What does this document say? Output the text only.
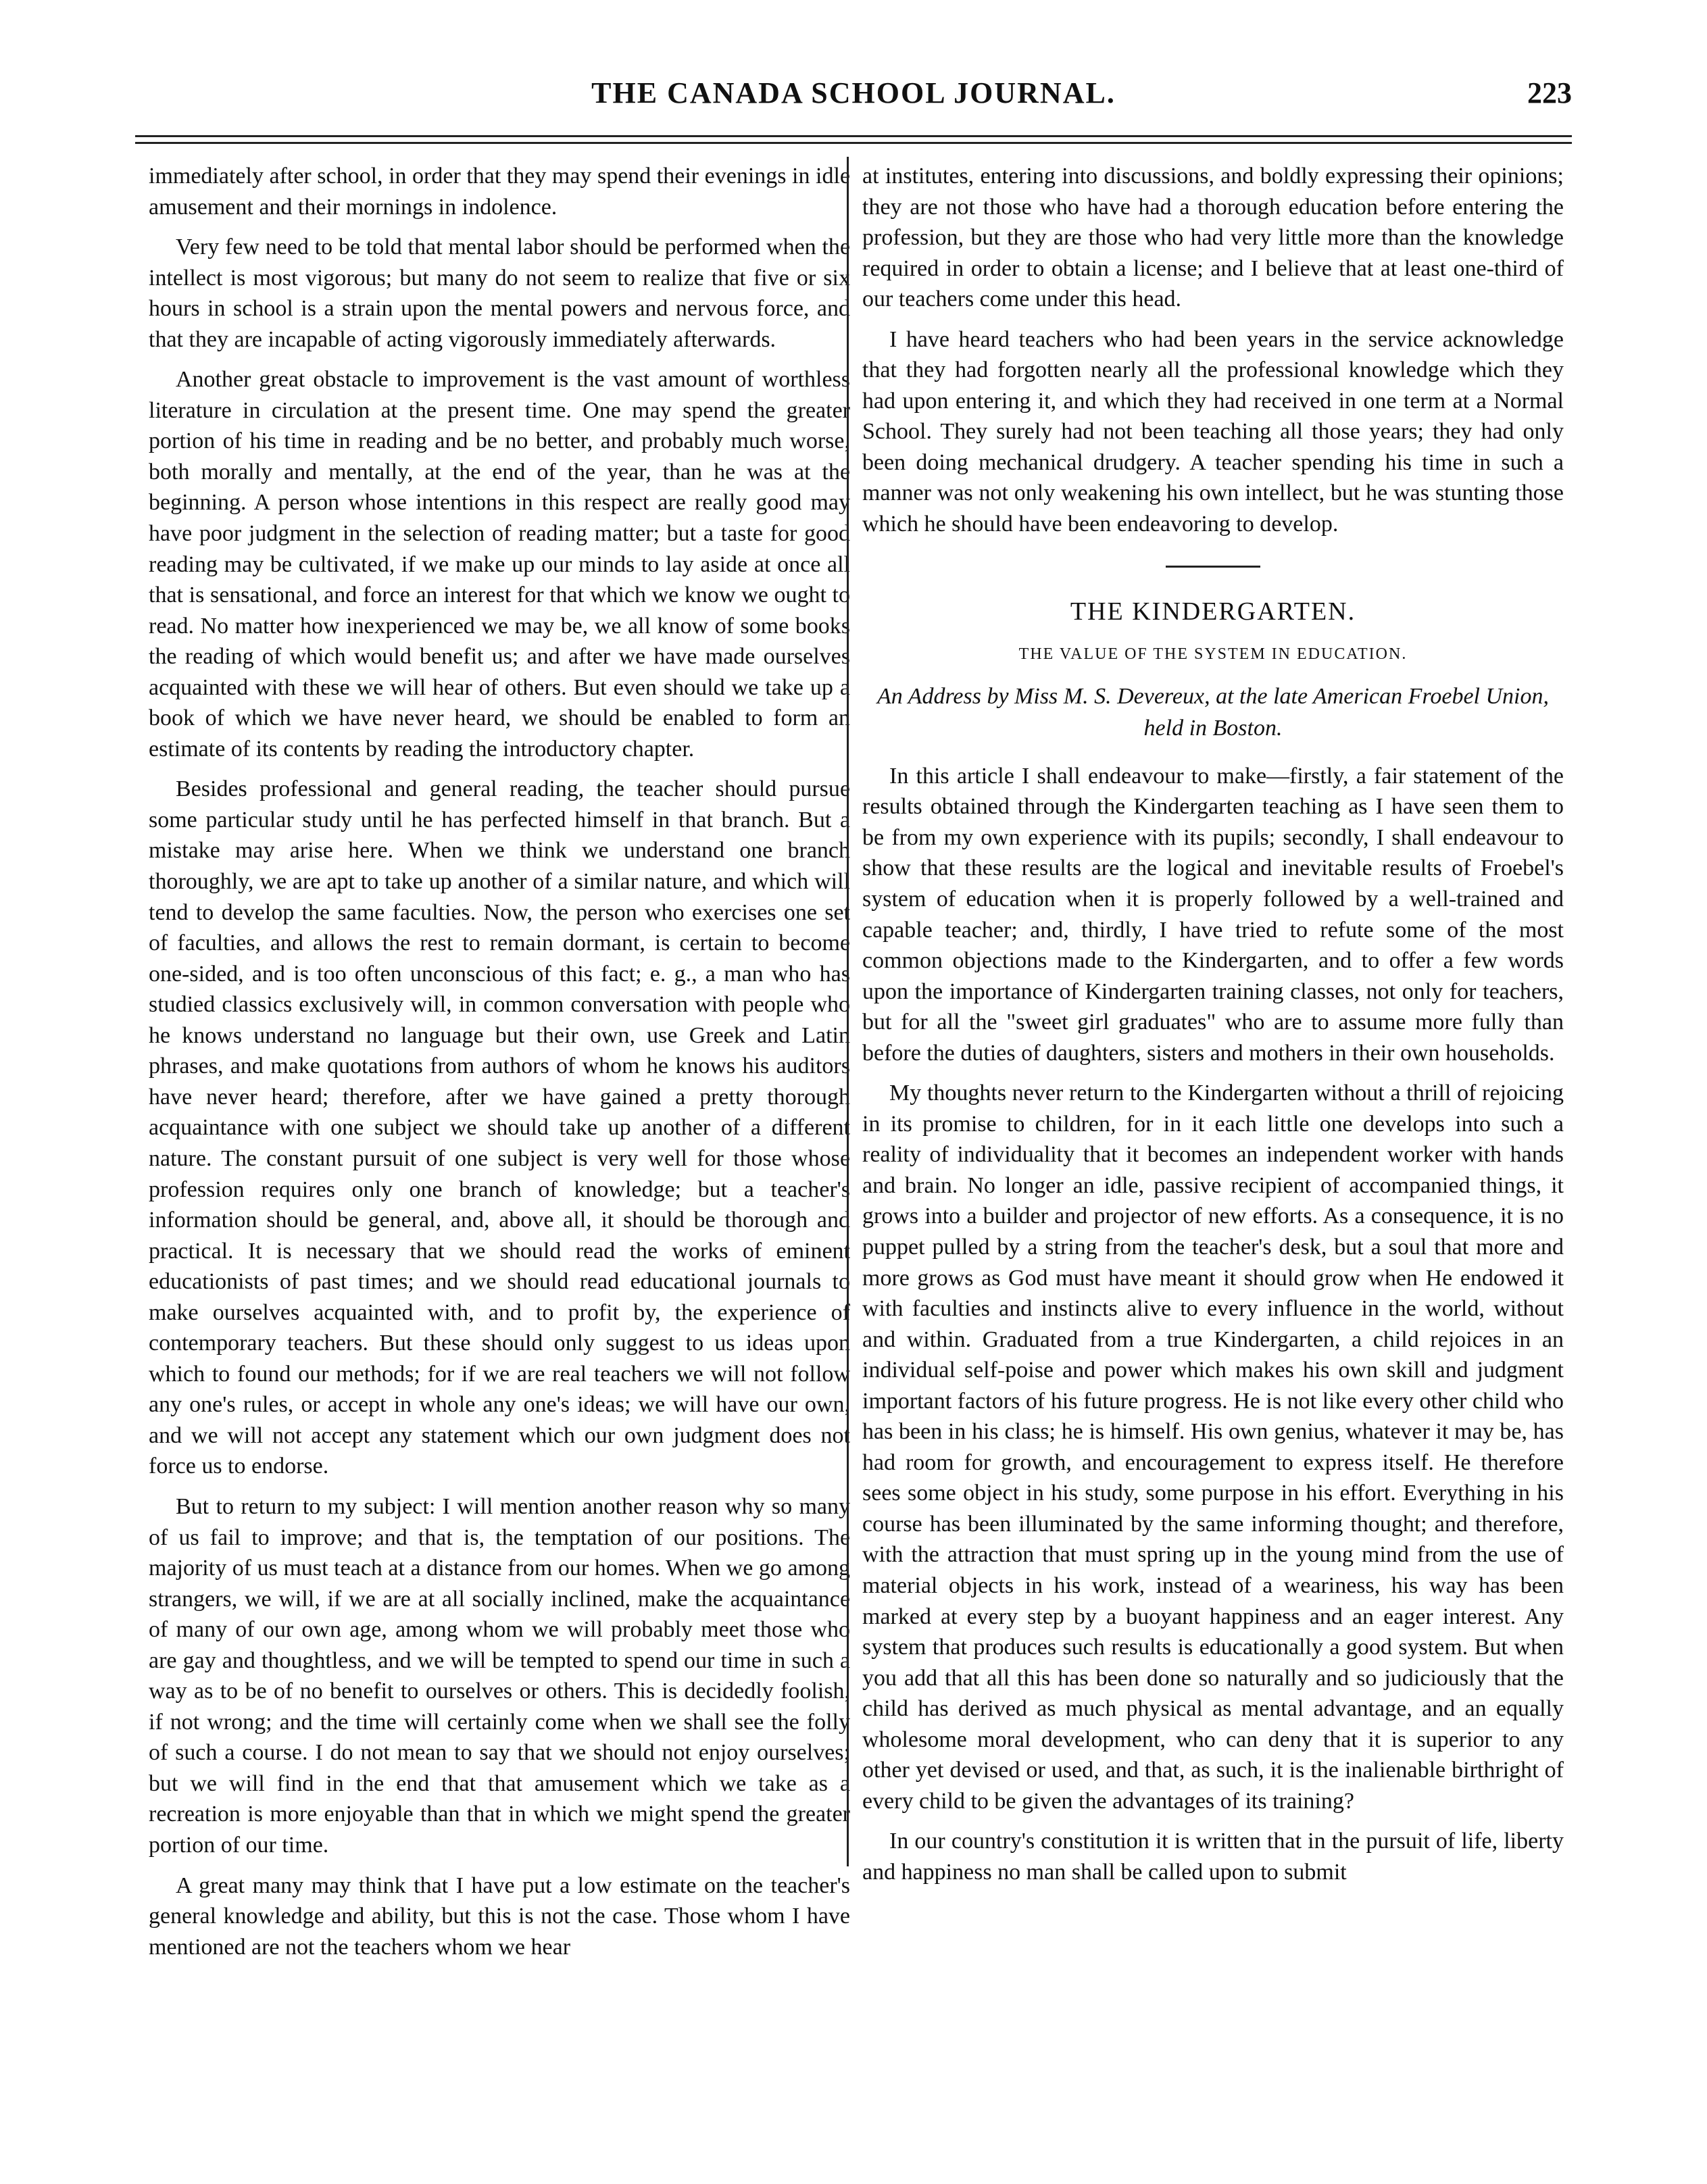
THE CANADA SCHOOL JOURNAL.	223

immediately after school, in order that they may spend their evenings in idle amusement and their mornings in indolence.

Very few need to be told that mental labor should be performed when the intellect is most vigorous; but many do not seem to realize that five or six hours in school is a strain upon the mental powers and nervous force, and that they are incapable of acting vigorously immediately afterwards.

Another great obstacle to improvement is the vast amount of worthless literature in circulation at the present time. One may spend the greater portion of his time in reading and be no better, and probably much worse, both morally and mentally, at the end of the year, than he was at the beginning. A person whose intentions in this respect are really good may have poor judgment in the selection of reading matter; but a taste for good reading may be cultivated, if we make up our minds to lay aside at once all that is sensational, and force an interest for that which we know we ought to read. No matter how inexperienced we may be, we all know of some books the reading of which would benefit us; and after we have made ourselves acquainted with these we will hear of others. But even should we take up a book of which we have never heard, we should be enabled to form an estimate of its contents by reading the introductory chapter.

Besides professional and general reading, the teacher should pursue some particular study until he has perfected himself in that branch. But a mistake may arise here. When we think we understand one branch thoroughly, we are apt to take up another of a similar nature, and which will tend to develop the same faculties. Now, the person who exercises one set of faculties, and allows the rest to remain dormant, is certain to become one-sided, and is too often unconscious of this fact; e. g., a man who has studied classics exclusively will, in common conversation with people who he knows understand no language but their own, use Greek and Latin phrases, and make quotations from authors of whom he knows his auditors have never heard; therefore, after we have gained a pretty thorough acquaintance with one subject we should take up another of a different nature. The constant pursuit of one subject is very well for those whose profession requires only one branch of knowledge; but a teacher's information should be general, and, above all, it should be thorough and practical. It is necessary that we should read the works of eminent educationists of past times; and we should read educational journals to make ourselves acquainted with, and to profit by, the experience of contemporary teachers. But these should only suggest to us ideas upon which to found our methods; for if we are real teachers we will not follow any one's rules, or accept in whole any one's ideas; we will have our own, and we will not accept any statement which our own judgment does not force us to endorse.

But to return to my subject: I will mention another reason why so many of us fail to improve; and that is, the temptation of our positions. The majority of us must teach at a distance from our homes. When we go among strangers, we will, if we are at all socially inclined, make the acquaintance of many of our own age, among whom we will probably meet those who are gay and thoughtless, and we will be tempted to spend our time in such a way as to be of no benefit to ourselves or others. This is decidedly foolish, if not wrong; and the time will certainly come when we shall see the folly of such a course. I do not mean to say that we should not enjoy ourselves; but we will find in the end that that amusement which we take as a recreation is more enjoyable than that in which we might spend the greater portion of our time.

A great many may think that I have put a low estimate on the teacher's general knowledge and ability, but this is not the case. Those whom I have mentioned are not the teachers whom we hear

at institutes, entering into discussions, and boldly expressing their opinions; they are not those who have had a thorough education before entering the profession, but they are those who had very little more than the knowledge required in order to obtain a license; and I believe that at least one-third of our teachers come under this head.

I have heard teachers who had been years in the service acknowledge that they had forgotten nearly all the professional knowledge which they had upon entering it, and which they had received in one term at a Normal School. They surely had not been teaching all those years; they had only been doing mechanical drudgery. A teacher spending his time in such a manner was not only weakening his own intellect, but he was stunting those which he should have been endeavoring to develop.

THE KINDERGARTEN.
THE VALUE OF THE SYSTEM IN EDUCATION.
An Address by Miss M. S. Devereux, at the late American Froebel Union, held in Boston.

In this article I shall endeavour to make—firstly, a fair statement of the results obtained through the Kindergarten teaching as I have seen them to be from my own experience with its pupils; secondly, I shall endeavour to show that these results are the logical and inevitable results of Froebel's system of education when it is properly followed by a well-trained and capable teacher; and, thirdly, I have tried to refute some of the most common objections made to the Kindergarten, and to offer a few words upon the importance of Kindergarten training classes, not only for teachers, but for all the "sweet girl graduates" who are to assume more fully than before the duties of daughters, sisters and mothers in their own households.

My thoughts never return to the Kindergarten without a thrill of rejoicing in its promise to children, for in it each little one develops into such a reality of individuality that it becomes an independent worker with hands and brain. No longer an idle, passive recipient of accompanied things, it grows into a builder and projector of new efforts. As a consequence, it is no puppet pulled by a string from the teacher's desk, but a soul that more and more grows as God must have meant it should grow when He endowed it with faculties and instincts alive to every influence in the world, without and within. Graduated from a true Kindergarten, a child rejoices in an individual self-poise and power which makes his own skill and judgment important factors of his future progress. He is not like every other child who has been in his class; he is himself. His own genius, whatever it may be, has had room for growth, and encouragement to express itself. He therefore sees some object in his study, some purpose in his effort. Everything in his course has been illuminated by the same informing thought; and therefore, with the attraction that must spring up in the young mind from the use of material objects in his work, instead of a weariness, his way has been marked at every step by a buoyant happiness and an eager interest. Any system that produces such results is educationally a good system. But when you add that all this has been done so naturally and so judiciously that the child has derived as much physical as mental advantage, and an equally wholesome moral development, who can deny that it is superior to any other yet devised or used, and that, as such, it is the inalienable birthright of every child to be given the advantages of its training?

In our country's constitution it is written that in the pursuit of life, liberty and happiness no man shall be called upon to submit
